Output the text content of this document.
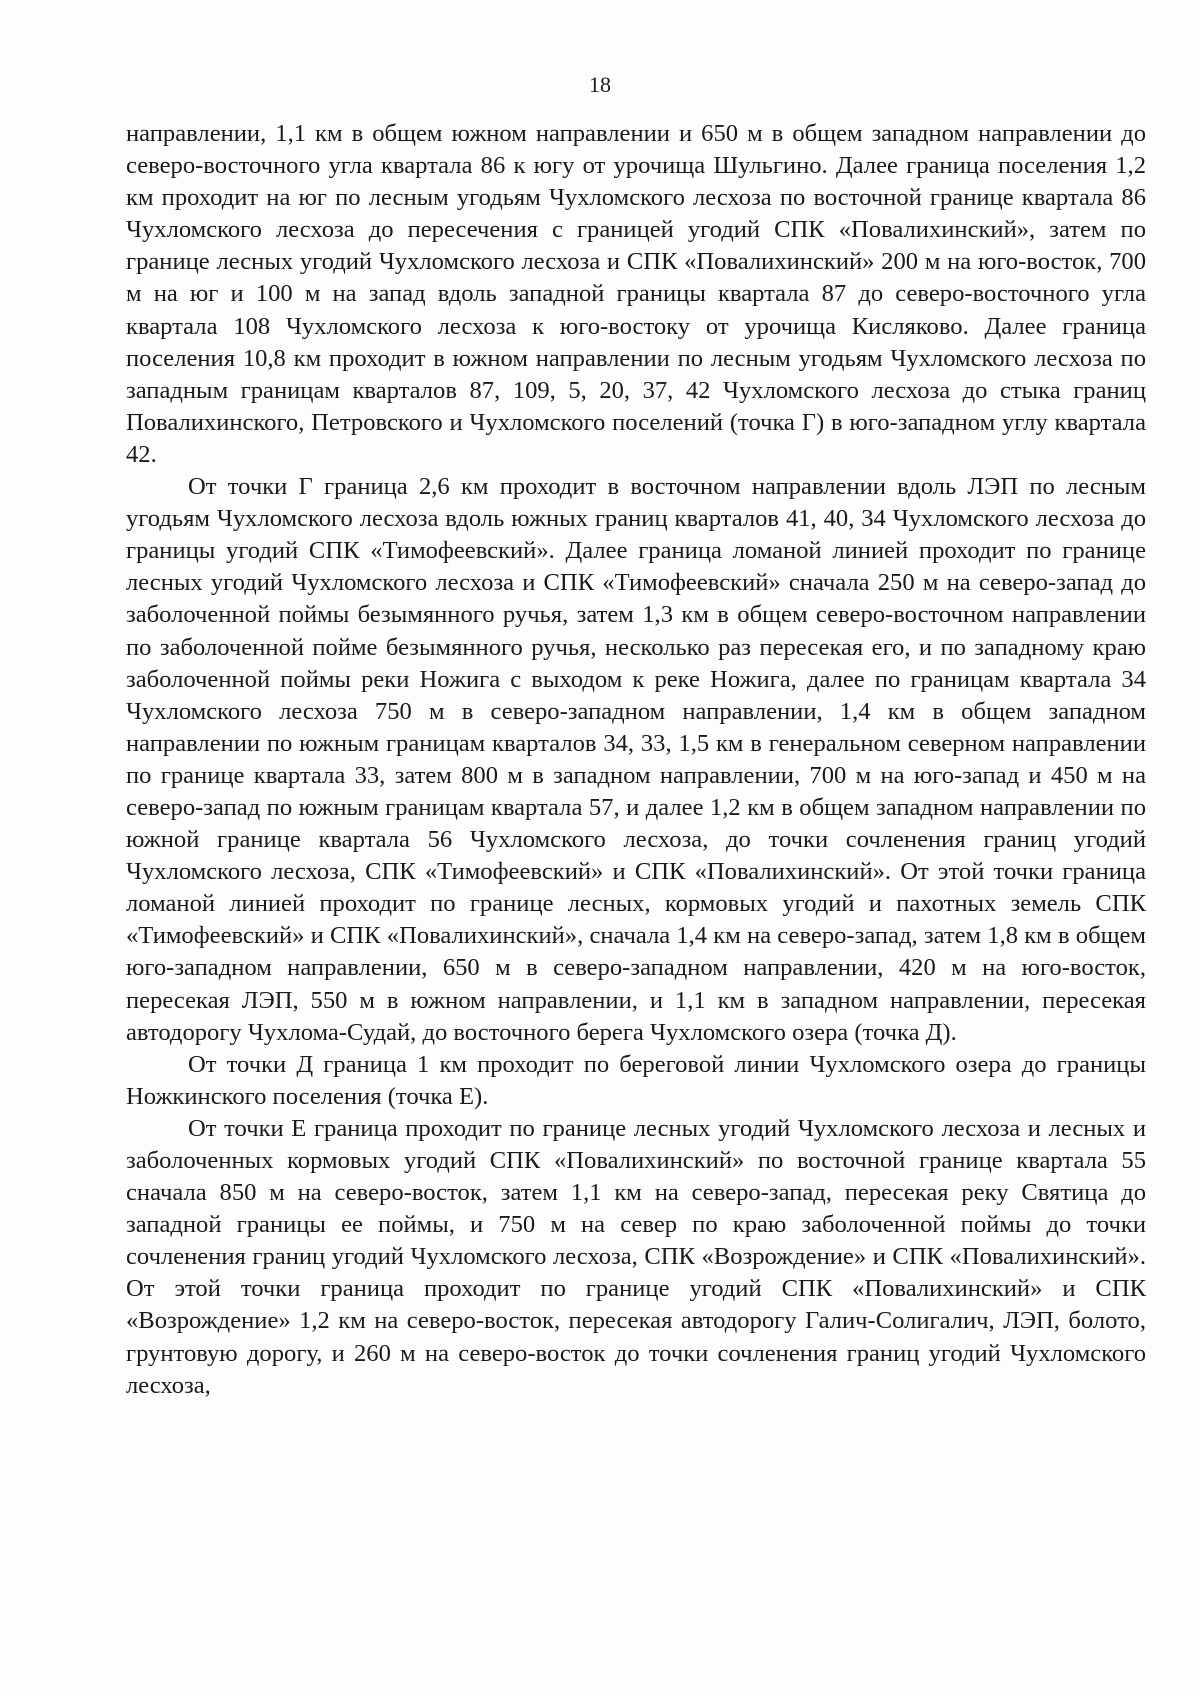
18

направлении, 1,1 км в общем южном направлении и 650 м в общем западном направлении до северо-восточного угла квартала 86 к югу от урочища Шульгино. Далее граница поселения 1,2 км проходит на юг по лесным угодьям Чухломского лесхоза по восточной границе квартала 86 Чухломского лесхоза до пересечения с границей угодий СПК «Повалихинский», затем по границе лесных угодий Чухломского лесхоза и СПК «Повалихинский» 200 м на юго-восток, 700 м на юг и 100 м на запад вдоль западной границы квартала 87 до северо-восточного угла квартала 108 Чухломского лесхоза к юго-востоку от урочища Кисляково. Далее граница поселения 10,8 км проходит в южном направлении по лесным угодьям Чухломского лесхоза по западным границам кварталов 87, 109, 5, 20, 37, 42 Чухломского лесхоза до стыка границ Повалихинского, Петровского и Чухломского поселений (точка Г) в юго-западном углу квартала 42.

От точки Г граница 2,6 км проходит в восточном направлении вдоль ЛЭП по лесным угодьям Чухломского лесхоза вдоль южных границ кварталов 41, 40, 34 Чухломского лесхоза до границы угодий СПК «Тимофеевский». Далее граница ломаной линией проходит по границе лесных угодий Чухломского лесхоза и СПК «Тимофеевский» сначала 250 м на северо-запад до заболоченной поймы безымянного ручья, затем 1,3 км в общем северо-восточном направлении по заболоченной пойме безымянного ручья, несколько раз пересекая его, и по западному краю заболоченной поймы реки Ножига с выходом к реке Ножига, далее по границам квартала 34 Чухломского лесхоза 750 м в северо-западном направлении, 1,4 км в общем западном направлении по южным границам кварталов 34, 33, 1,5 км в генеральном северном направлении по границе квартала 33, затем 800 м в западном направлении, 700 м на юго-запад и 450 м на северо-запад по южным границам квартала 57, и далее 1,2 км в общем западном направлении по южной границе квартала 56 Чухломского лесхоза, до точки сочленения границ угодий Чухломского лесхоза, СПК «Тимофеевский» и СПК «Повалихинский». От этой точки граница ломаной линией проходит по границе лесных, кормовых угодий и пахотных земель СПК «Тимофеевский» и СПК «Повалихинский», сначала 1,4 км на северо-запад, затем 1,8 км в общем юго-западном направлении, 650 м в северо-западном направлении, 420 м на юго-восток, пересекая ЛЭП, 550 м в южном направлении, и 1,1 км в западном направлении, пересекая автодорогу Чухлома-Судай, до восточного берега Чухломского озера (точка Д).

От точки Д граница 1 км проходит по береговой линии Чухломского озера до границы Ножкинского поселения (точка Е).

От точки Е граница проходит по границе лесных угодий Чухломского лесхоза и лесных и заболоченных кормовых угодий СПК «Повалихинский» по восточной границе квартала 55 сначала 850 м на северо-восток, затем 1,1 км на северо-запад, пересекая реку Святица до западной границы ее поймы, и 750 м на север по краю заболоченной поймы до точки сочленения границ угодий Чухломского лесхоза, СПК «Возрождение» и СПК «Повалихинский». От этой точки граница проходит по границе угодий СПК «Повалихинский» и СПК «Возрождение» 1,2 км на северо-восток, пересекая автодорогу Галич-Солигалич, ЛЭП, болото, грунтовую дорогу, и 260 м на северо-восток до точки сочленения границ угодий Чухломского лесхоза,
